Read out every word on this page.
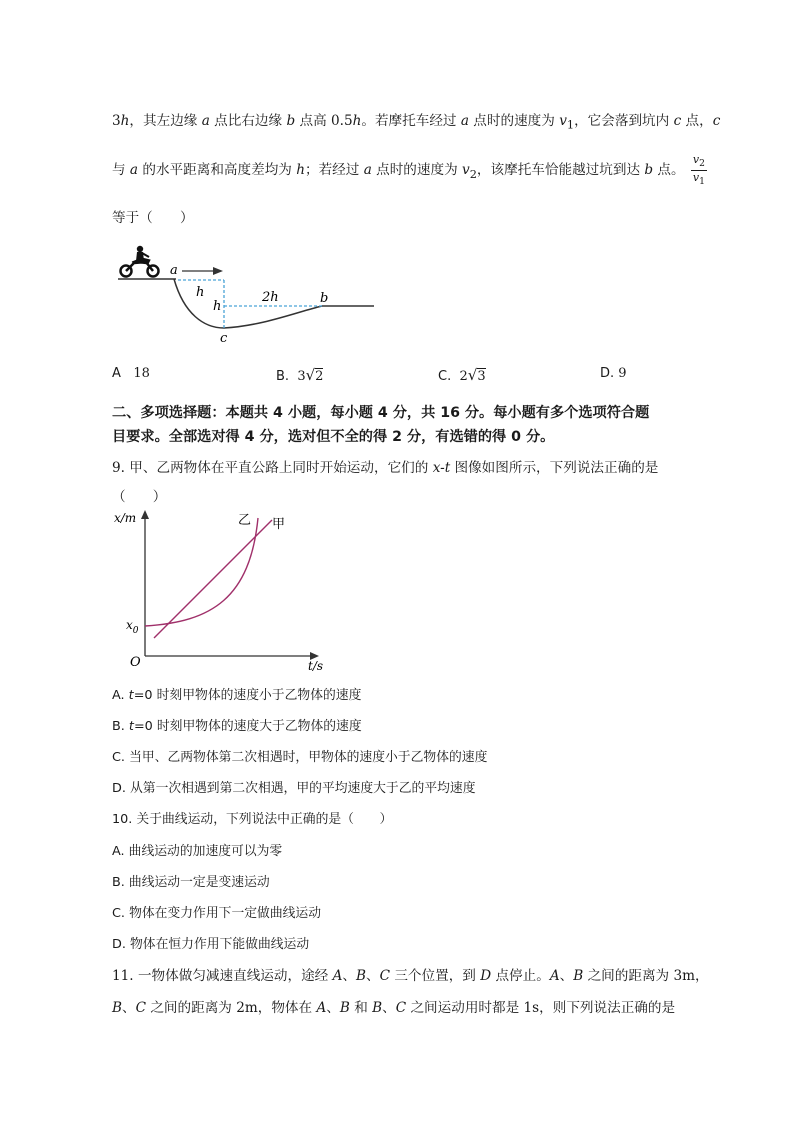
3h，其左边缘 a 点比右边缘 b 点高 0.5h。若摩托车经过 a 点时的速度为 $v_1$，它会落到坑内 c 点，c
与 a 的水平距离和高度差均为 h；若经过 a 点时的速度为 $v_2$，该摩托车恰能越过坑到达 b 点。 $\frac{v_2}{v_1}$
等于（　　）
a
h
h
2h	b
c
A 18	B. 3√2	C. 2√3	D. 9
二、多项选择题：本题共 4 小题，每小题 4 分，共 16 分。每小题有多个选项符合题
目要求。全部选对得 4 分，选对但不全的得 2 分，有选错的得 0 分。
9. 甲、乙两物体在平直公路上同时开始运动，它们的 x-t 图像如图所示，下列说法正确的是
（　　）
x/m
t/s
O
$x_0$
乙 甲
A. t=0 时刻甲物体的速度小于乙物体的速度
B. t=0 时刻甲物体的速度大于乙物体的速度
C. 当甲、乙两物体第二次相遇时，甲物体的速度小于乙物体的速度
D. 从第一次相遇到第二次相遇，甲的平均速度大于乙的平均速度
10. 关于曲线运动，下列说法中正确的是（　　）
A. 曲线运动的加速度可以为零
B. 曲线运动一定是变速运动
C. 物体在变力作用下一定做曲线运动
D. 物体在恒力作用下能做曲线运动
11. 一物体做匀减速直线运动，途经 A、B、C 三个位置，到 D 点停止。A、B 之间的距离为 3m，
B、C 之间的距离为 2m，物体在 A、B 和 B、C 之间运动用时都是 1s，则下列说法正确的是
